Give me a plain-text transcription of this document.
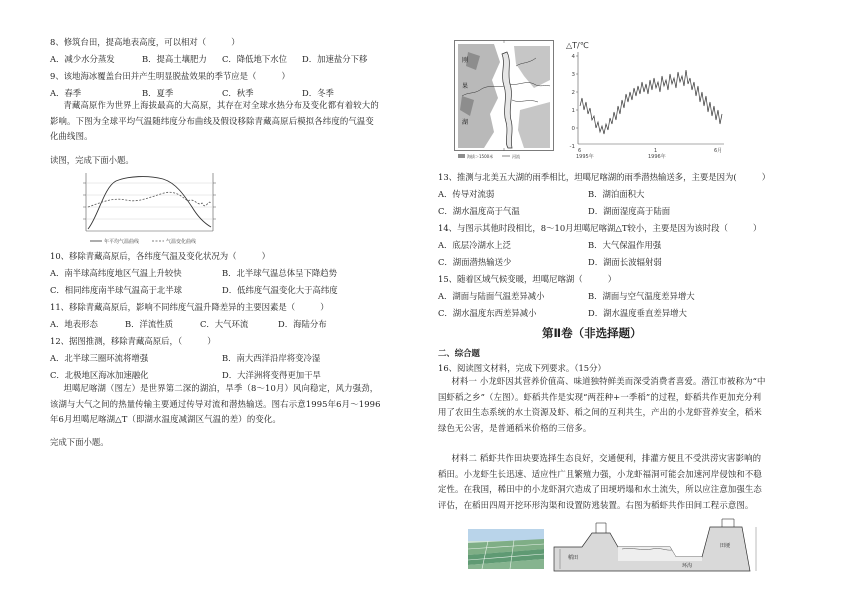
8、修筑台田，提高地表高度，可以相对（　　　）
A．减少水分蒸发	B．提高土壤肥力 C．降低地下水位 D．加速盐分下移
9、该地海冰覆盖台田并产生明显脱盐效果的季节应是（　　　）
A．春季	B．夏季	C．秋季	D．冬季
青藏高原作为世界上海拔最高的大高原，其存在对全球水热分布及变化都有着较大的影响。下图为全球平均气温随纬度分布曲线及假设移除青藏高原后模拟各纬度的气温变化曲线图。
读图，完成下面小题。
年平均气温曲线	气温变化曲线
10、移除青藏高原后，各纬度气温及变化状况为（　　　）
A．南半球高纬度地区气温上升较快	B．北半球气温总体呈下降趋势
C．相同纬度南半球气温高于北半球	D．低纬度气温变化大于高纬度
11、移除青藏高原后，影响不同纬度气温升降差异的主要因素是（　　　）
A．地表形态	B．洋流性质	C．大气环流	D．海陆分布
12、据图推测，移除青藏高原后，（　　　）
A．北半球三圈环流将增强	B．南大西洋沿岸将变冷湿
C．北极地区海冰加速融化	D．大洋洲将变得更加干旱
坦噶尼喀湖（图左）是世界第二深的湖泊，旱季（8～10月）风向稳定，风力强劲，该湖与大气之间的热量传输主要通过传导对流和潜热输送。图右示意1995年6月～1996年6月坦噶尼喀湖△T（即湖水温度减湖区气温的差）的变化。
完成下面小题。
刚
果
湖
海拔＞1500米	河流
△T/℃
4
3
2
1
0
-1
6
1995年
1
1996年
6月
13、推测与北美五大湖的雨季相比，坦噶尼喀湖的雨季潜热输送多，主要是因为(　　　）
A．传导对流弱	B．湖泊面积大
C．湖水温度高于气温	D．湖面湿度高于陆面
14、与图示其他时段相比，8～10月坦噶尼喀湖△T较小，主要是因为该时段（　　　）
A．底层冷湖水上泛	B．大气保温作用强
C．湖面潜热输送少	D．湖面长波辐射弱
15、随着区域气候变暖，坦噶尼喀湖（　　　）
A．湖面与陆面气温差异减小	B．湖面与空气温度差异增大
C．湖水温度东西差异减小	D．湖水温度垂直差异增大
第Ⅱ卷（非选择题）
二、综合题
16、阅读图文材料，完成下列要求。（15分）
材料一 小龙虾因其营养价值高、味道独特鲜美而深受消费者喜爱。潜江市被称为“中国虾稻之乡”（左图）。虾稻共作是实现“两茬种+一季稻”的过程，虾稻共作更加充分利用了农田生态系统的水土资源及虾、稻之间的互利共生，产出的小龙虾营养安全，稻米绿色无公害，是普通稻米价格的三倍多。
材料二 稻虾共作田块要选择生态良好，交通便利，排灌方便且不受洪涝灾害影响的稻田。小龙虾生长迅速、适应性广且繁殖力强，小龙虾福洞可能会加速河岸侵蚀和不稳定性。在我国，稀田中的小龙虾洞穴造成了田埂坍塌和水土流失，所以应注意加强生态评估，在稻田四周开挖环形沟渠和设置防逃装置。右图为稻虾共作田间工程示意图。
稻田
环沟
田埂
